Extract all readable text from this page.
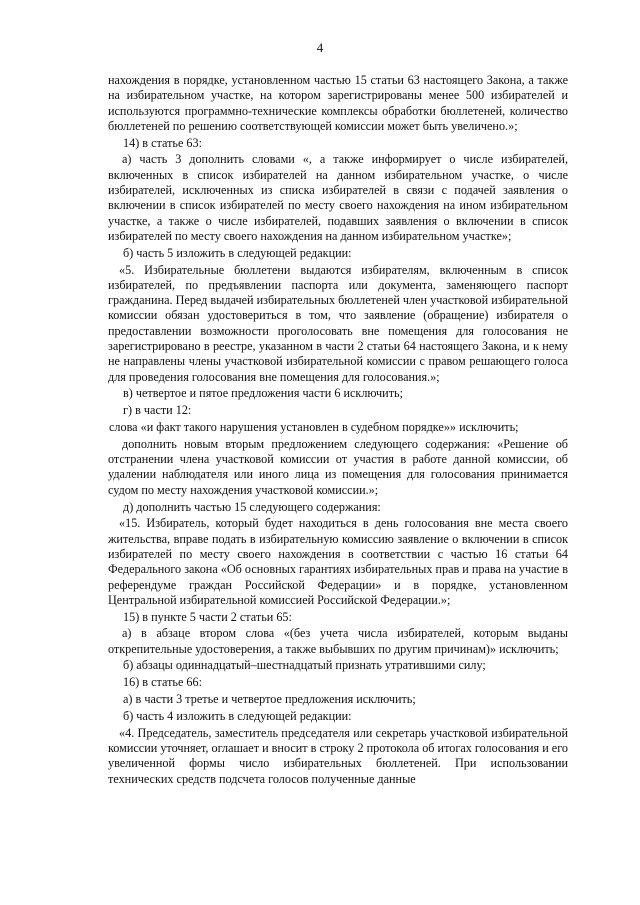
4

нахождения в порядке, установленном частью 15 статьи 63 настоящего Закона, а также на избирательном участке, на котором зарегистрированы менее 500 избирателей и используются программно-технические комплексы обработки бюллетеней, количество бюллетеней по решению соответствующей комиссии может быть увеличено.»;

14) в статье 63:

а) часть 3 дополнить словами «, а также информирует о числе избирателей, включенных в список избирателей на данном избирательном участке, о числе избирателей, исключенных из списка избирателей в связи с подачей заявления о включении в список избирателей по месту своего нахождения на ином избирательном участке, а также о числе избирателей, подавших заявления о включении в список избирателей по месту своего нахождения на данном избирательном участке»;

б) часть 5 изложить в следующей редакции:

«5. Избирательные бюллетени выдаются избирателям, включенным в список избирателей, по предъявлении паспорта или документа, заменяющего паспорт гражданина. Перед выдачей избирательных бюллетеней член участковой избирательной комиссии обязан удостовериться в том, что заявление (обращение) избирателя о предоставлении возможности проголосовать вне помещения для голосования не зарегистрировано в реестре, указанном в части 2 статьи 64 настоящего Закона, и к нему не направлены члены участковой избирательной комиссии с правом решающего голоса для проведения голосования вне помещения для голосования.»;

в) четвертое и пятое предложения части 6 исключить;

г) в части 12:

слова «и факт такого нарушения установлен в судебном порядке»» исключить;

дополнить новым вторым предложением следующего содержания: «Решение об отстранении члена участковой комиссии от участия в работе данной комиссии, об удалении наблюдателя или иного лица из помещения для голосования принимается судом по месту нахождения участковой комиссии.»;

д) дополнить частью 15 следующего содержания:

«15. Избиратель, который будет находиться в день голосования вне места своего жительства, вправе подать в избирательную комиссию заявление о включении в список избирателей по месту своего нахождения в соответствии с частью 16 статьи 64 Федерального закона «Об основных гарантиях избирательных прав и права на участие в референдуме граждан Российской Федерации» и в порядке, установленном Центральной избирательной комиссией Российской Федерации.»;

15) в пункте 5 части 2 статьи 65:

а) в абзаце втором слова «(без учета числа избирателей, которым выданы открепительные удостоверения, а также выбывших по другим причинам)» исключить;

б) абзацы одиннадцатый–шестнадцатый признать утратившими силу;

16) в статье 66:

а) в части 3 третье и четвертое предложения исключить;

б) часть 4 изложить в следующей редакции:

«4. Председатель, заместитель председателя или секретарь участковой избирательной комиссии уточняет, оглашает и вносит в строку 2 протокола об итогах голосования и его увеличенной формы число избирательных бюллетеней. При использовании технических средств подсчета голосов полученные данные
